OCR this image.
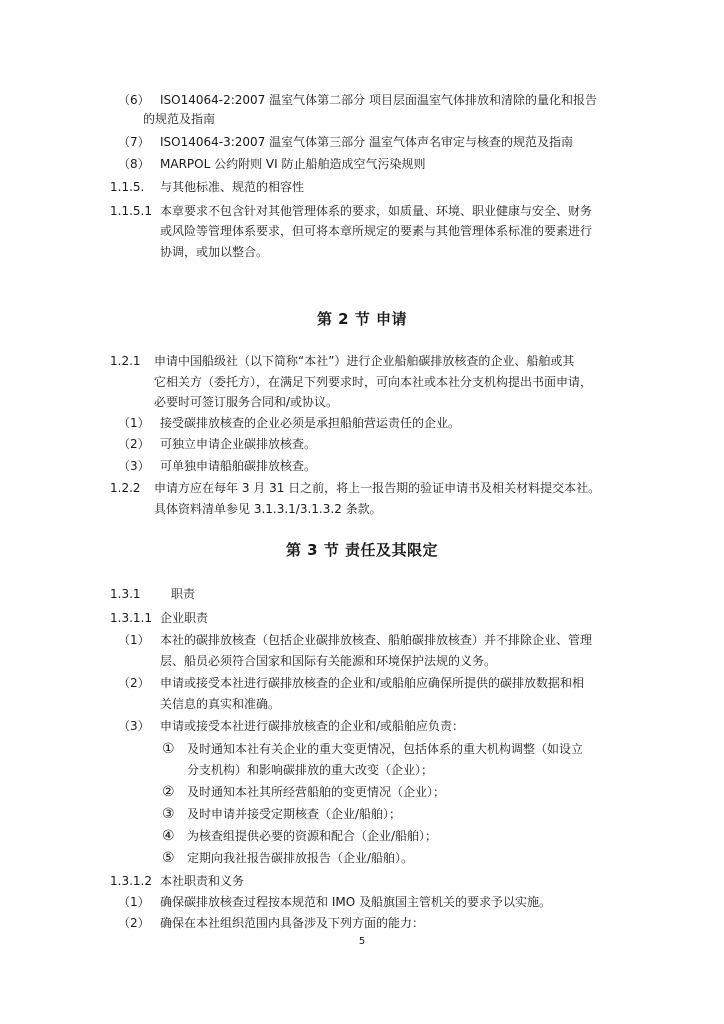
（6） ISO14064-2:2007 温室气体第二部分 项目层面温室气体排放和清除的量化和报告
的规范及指南
（7） ISO14064-3:2007 温室气体第三部分 温室气体声名审定与核查的规范及指南
（8） MARPOL 公约附则 VI 防止船舶造成空气污染规则
1.1.5. 与其他标准、规范的相容性
1.1.5.1 本章要求不包含针对其他管理体系的要求，如质量、环境、职业健康与安全、财务
或风险等管理体系要求，但可将本章所规定的要素与其他管理体系标准的要素进行
协调，或加以整合。
第 2 节 申请
1.2.1 申请中国船级社（以下简称“本社”）进行企业船舶碳排放核查的企业、船舶或其
它相关方（委托方），在满足下列要求时，可向本社或本社分支机构提出书面申请，
必要时可签订服务合同和/或协议。
（1） 接受碳排放核查的企业必须是承担船舶营运责任的企业。
（2） 可独立申请企业碳排放核查。
（3） 可单独申请船舶碳排放核查。
1.2.2 申请方应在每年 3 月 31 日之前，将上一报告期的验证申请书及相关材料提交本社。
具体资料清单参见 3.1.3.1/3.1.3.2 条款。
第 3 节 责任及其限定
1.3.1	职责
1.3.1.1 企业职责
（1） 本社的碳排放核查（包括企业碳排放核查、船舶碳排放核查）并不排除企业、管理
层、船员必须符合国家和国际有关能源和环境保护法规的义务。
（2） 申请或接受本社进行碳排放核查的企业和/或船舶应确保所提供的碳排放数据和相
关信息的真实和准确。
（3） 申请或接受本社进行碳排放核查的企业和/或船舶应负责：
① 及时通知本社有关企业的重大变更情况，包括体系的重大机构调整（如设立
分支机构）和影响碳排放的重大改变（企业）；
② 及时通知本社其所经营船舶的变更情况（企业）；
③ 及时申请并接受定期核查（企业/船舶）；
④ 为核查组提供必要的资源和配合（企业/船舶）；
⑤ 定期向我社报告碳排放报告（企业/船舶）。
1.3.1.2 本社职责和义务
（1） 确保碳排放核查过程按本规范和 IMO 及船旗国主管机关的要求予以实施。
（2） 确保在本社组织范围内具备涉及下列方面的能力：
5
